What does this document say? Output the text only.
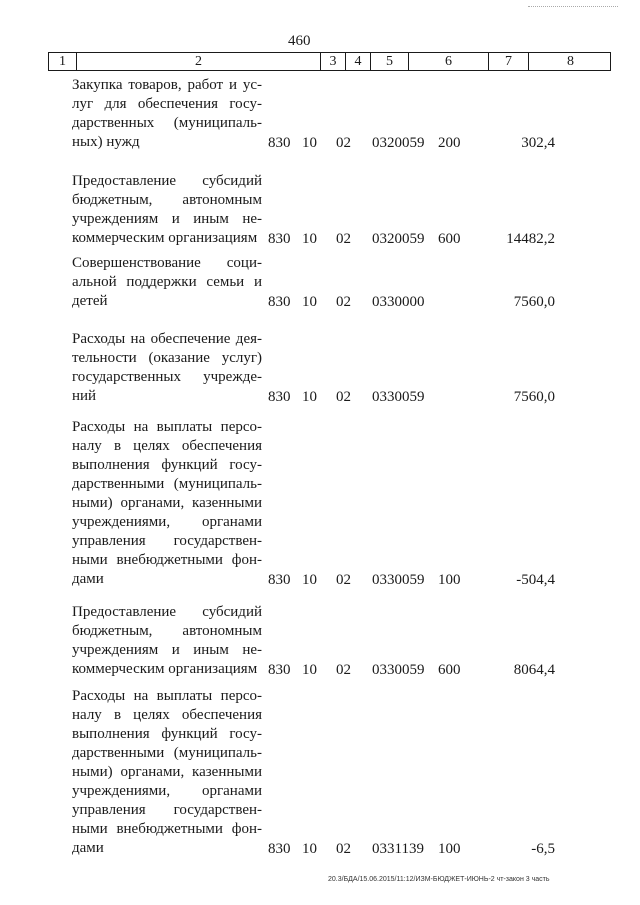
460
1	2	3	4	5	6	7	8
Закупка товаров, работ и ус-
луг для обеспечения госу-
дарственных (муниципаль-
ных) нужд	830 10 02 0320059 200	302,4
Предоставление субсидий
бюджетным, автономным
учреждениям и иным не-
коммерческим организациям 830 10 02 0320059 600	14482,2
Совершенствование соци-
альной поддержки семьи и
детей	830 10 02 0330000	7560,0
Расходы на обеспечение дея-
тельности (оказание услуг)
государственных учрежде-
ний	830 10 02 0330059	7560,0
Расходы на выплаты персо-
налу в целях обеспечения
выполнения функций госу-
дарственными (муниципаль-
ными) органами, казенными
учреждениями, органами
управления государствен-
ными внебюджетными фон-
дами	830 10 02 0330059 100	-504,4
Предоставление субсидий
бюджетным, автономным
учреждениям и иным не-
коммерческим организациям 830 10 02 0330059 600	8064,4
Расходы на выплаты персо-
налу в целях обеспечения
выполнения функций госу-
дарственными (муниципаль-
ными) органами, казенными
учреждениями, органами
управления государствен-
ными внебюджетными фон-
дами	830 10 02 0331139 100	-6,5
20.3/БДА/15.06.2015/11:12/ИЗМ-БЮДЖЕТ-ИЮНЬ-2 чт-закон 3 часть
